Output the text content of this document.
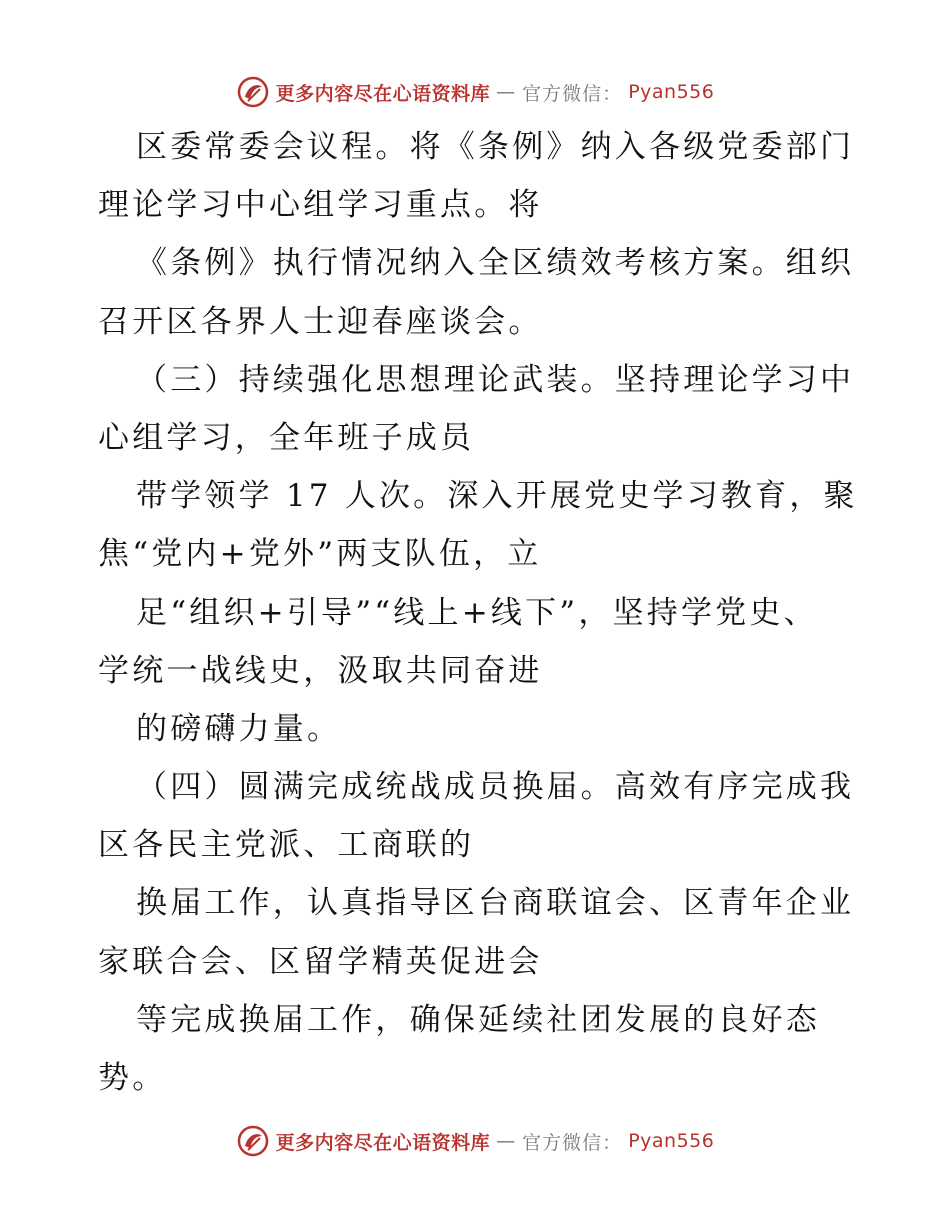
更多内容尽在心语资料库 — 官方微信： Pyan556
区委常委会议程。将《条例》纳入各级党委部门
理论学习中心组学习重点。将
《条例》执行情况纳入全区绩效考核方案。组织
召开区各界人士迎春座谈会。
（三）持续强化思想理论武装。坚持理论学习中
心组学习，全年班子成员
带学领学 17 人次。深入开展党史学习教育，聚
焦“党内+党外”两支队伍，立
足“组织+引导”“线上+线下”，坚持学党史、
学统一战线史，汲取共同奋进
的磅礴力量。
（四）圆满完成统战成员换届。高效有序完成我
区各民主党派、工商联的
换届工作，认真指导区台商联谊会、区青年企业
家联合会、区留学精英促进会
等完成换届工作，确保延续社团发展的良好态
势。
更多内容尽在心语资料库 — 官方微信： Pyan556
